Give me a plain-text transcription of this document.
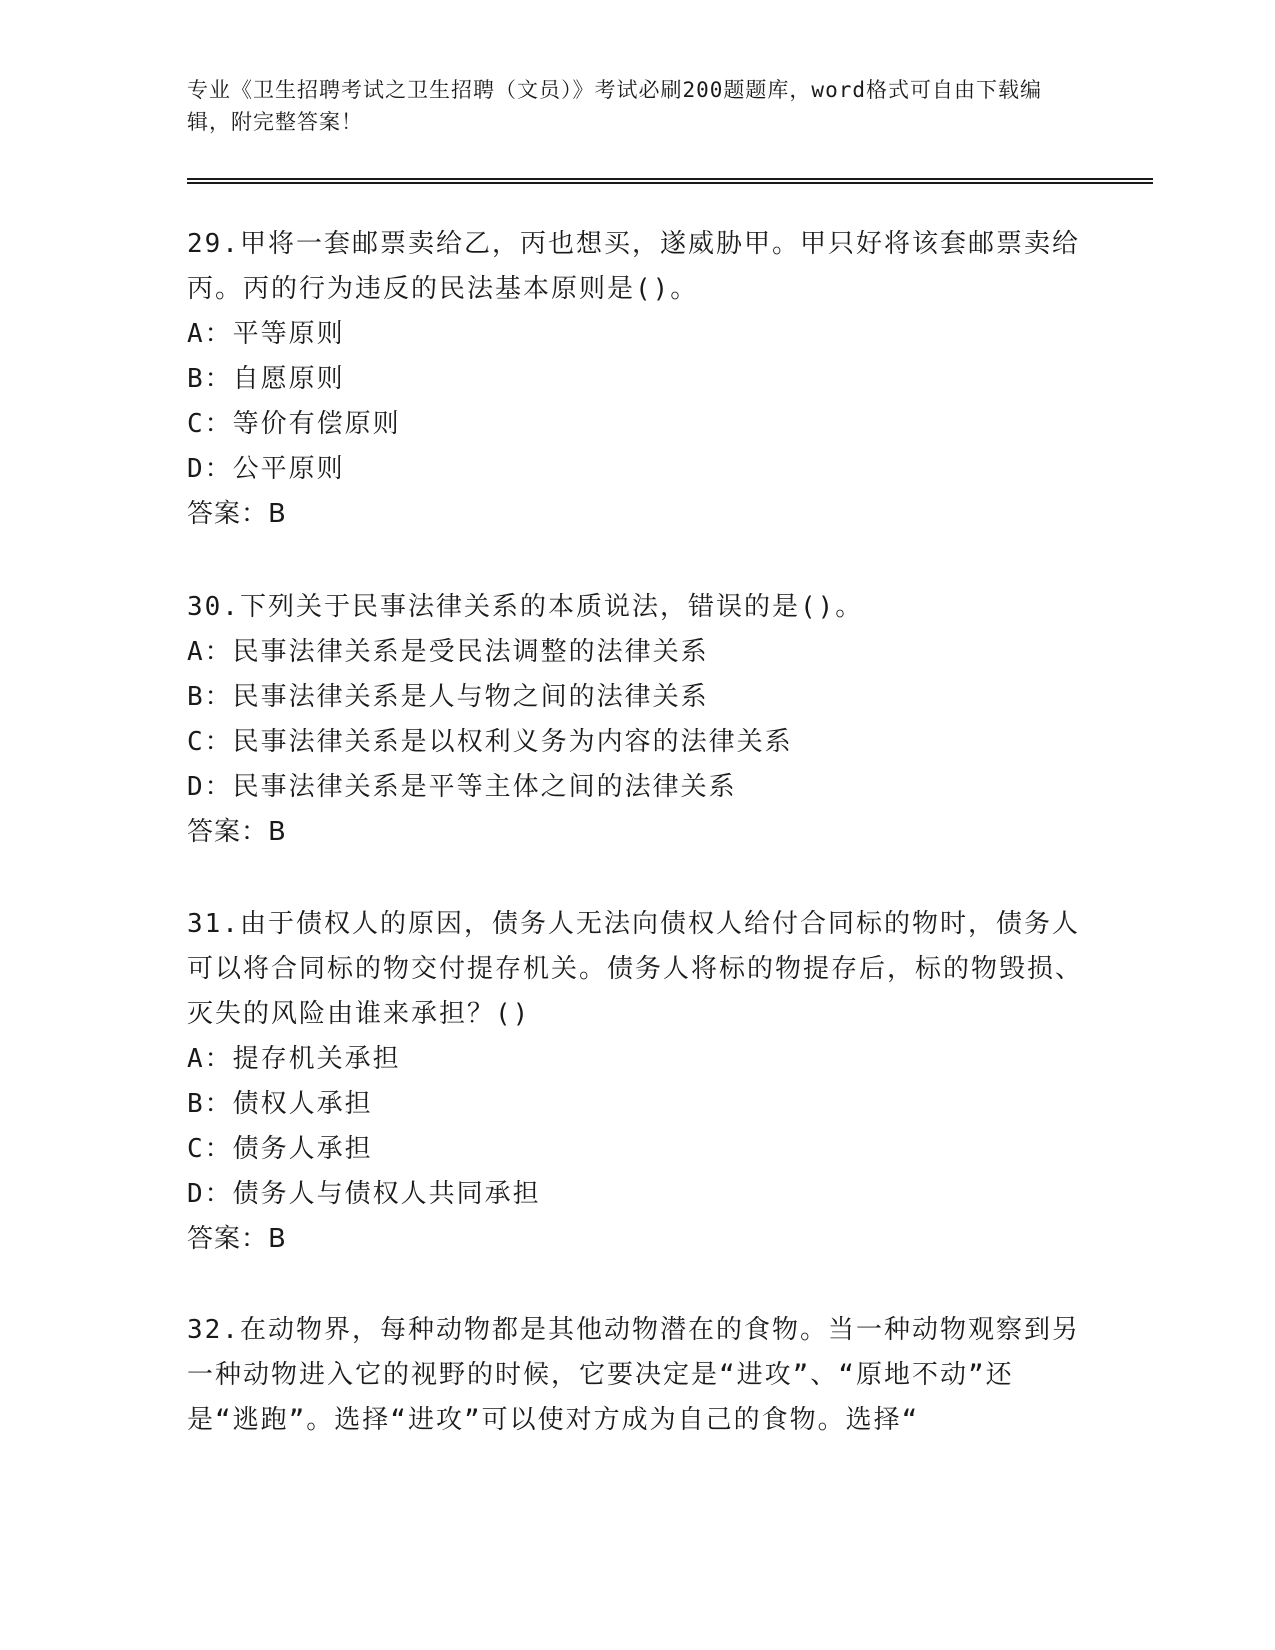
专业《卫生招聘考试之卫生招聘（文员）》考试必刷200题题库，word格式可自由下载编辑，附完整答案！
29.甲将一套邮票卖给乙，丙也想买，遂威胁甲。甲只好将该套邮票卖给丙。丙的行为违反的民法基本原则是()。
A：平等原则
B：自愿原则
C：等价有偿原则
D：公平原则
答案：B
30.下列关于民事法律关系的本质说法，错误的是()。
A：民事法律关系是受民法调整的法律关系
B：民事法律关系是人与物之间的法律关系
C：民事法律关系是以权利义务为内容的法律关系
D：民事法律关系是平等主体之间的法律关系
答案：B
31.由于债权人的原因，债务人无法向债权人给付合同标的物时，债务人可以将合同标的物交付提存机关。债务人将标的物提存后，标的物毁损、灭失的风险由谁来承担？()
A：提存机关承担
B：债权人承担
C：债务人承担
D：债务人与债权人共同承担
答案：B
32.在动物界，每种动物都是其他动物潜在的食物。当一种动物观察到另一种动物进入它的视野的时候，它要决定是“进攻”、“原地不动”还是“逃跑”。选择“进攻”可以使对方成为自己的食物。选择“
